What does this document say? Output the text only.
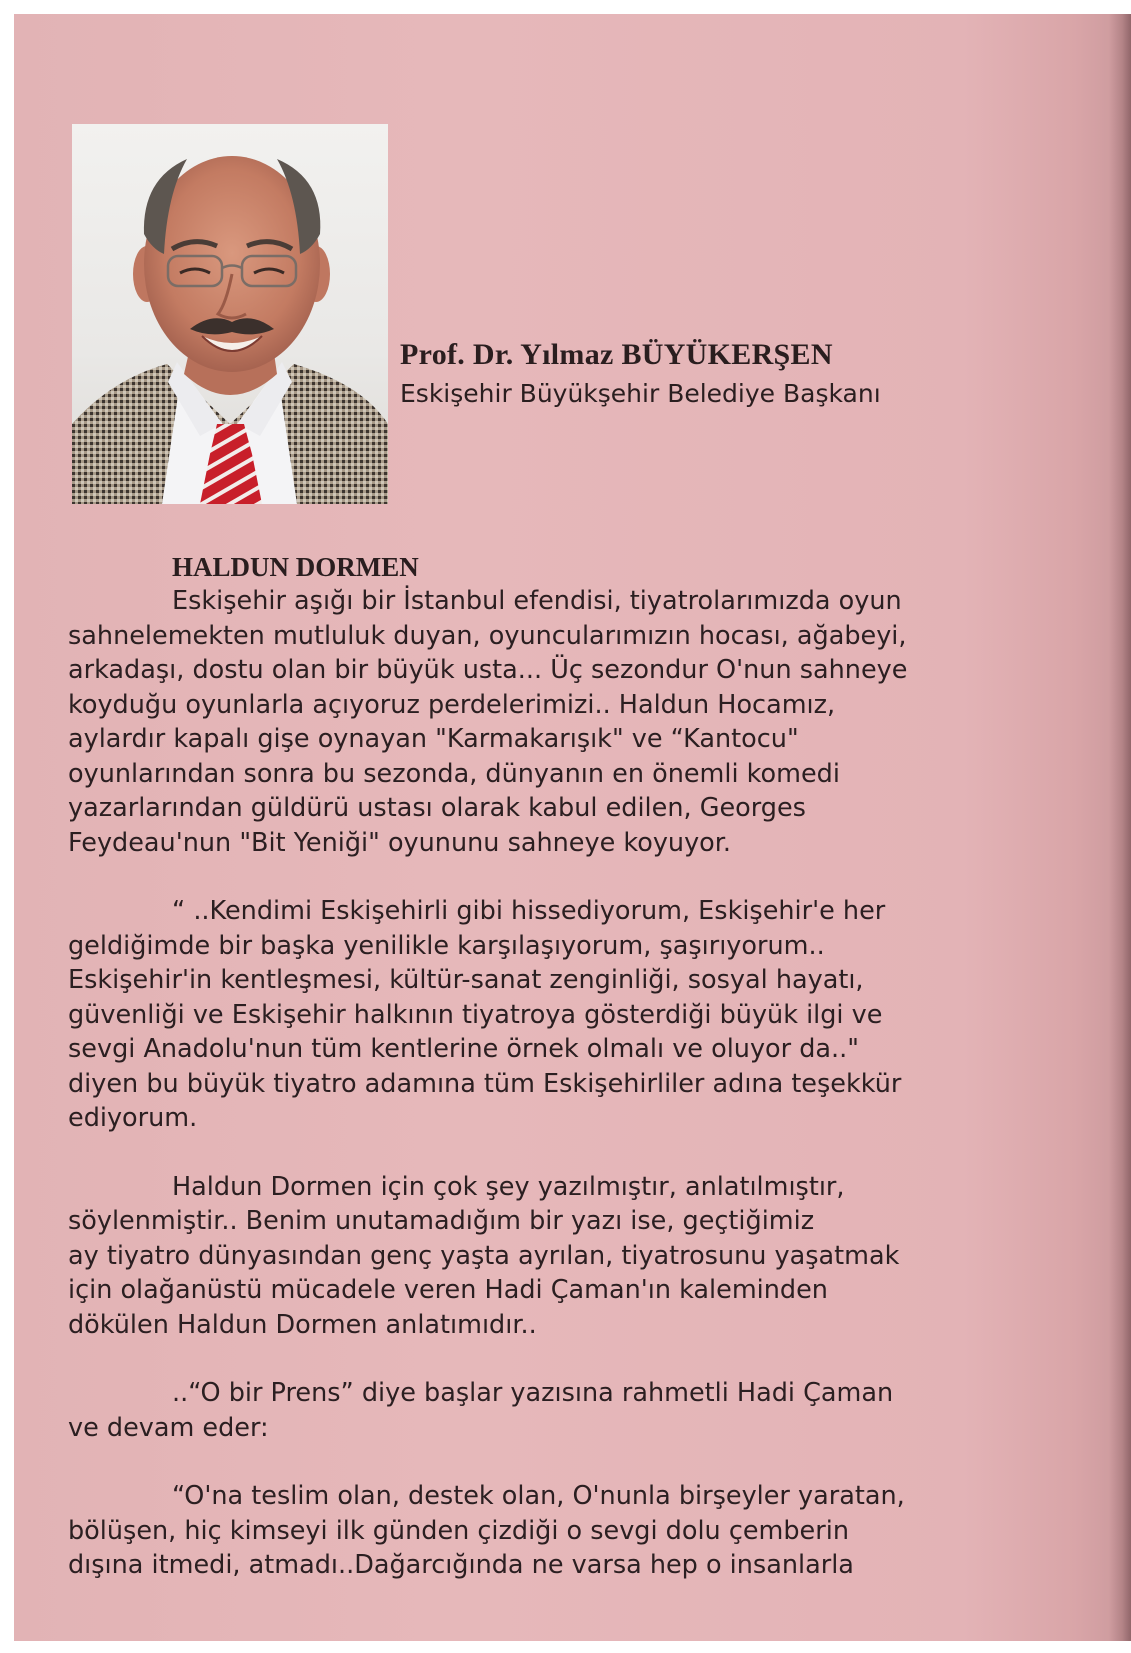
Prof. Dr. Yılmaz BÜYÜKERŞEN
Eskişehir Büyükşehir Belediye Başkanı
HALDUN DORMEN
Eskişehir aşığı bir İstanbul efendisi, tiyatrolarımızda oyun
sahnelemekten mutluluk duyan, oyuncularımızın hocası, ağabeyi,
arkadaşı, dostu olan bir büyük usta... Üç sezondur O'nun sahneye
koyduğu oyunlarla açıyoruz perdelerimizi.. Haldun Hocamız,
aylardır kapalı gişe oynayan "Karmakarışık" ve “Kantocu"
oyunlarından sonra bu sezonda, dünyanın en önemli komedi
yazarlarından güldürü ustası olarak kabul edilen, Georges
Feydeau'nun "Bit Yeniği" oyununu sahneye koyuyor.
“ ..Kendimi Eskişehirli gibi hissediyorum, Eskişehir'e her
geldiğimde bir başka yenilikle karşılaşıyorum, şaşırıyorum..
Eskişehir'in kentleşmesi, kültür-sanat zenginliği, sosyal hayatı,
güvenliği ve Eskişehir halkının tiyatroya gösterdiği büyük ilgi ve
sevgi Anadolu'nun tüm kentlerine örnek olmalı ve oluyor da.."
diyen bu büyük tiyatro adamına tüm Eskişehirliler adına teşekkür
ediyorum.
Haldun Dormen için çok şey yazılmıştır, anlatılmıştır,
söylenmiştir.. Benim unutamadığım bir yazı ise, geçtiğimiz
ay tiyatro dünyasından genç yaşta ayrılan, tiyatrosunu yaşatmak
için olağanüstü mücadele veren Hadi Çaman'ın kaleminden
dökülen Haldun Dormen anlatımıdır..
..“O bir Prens” diye başlar yazısına rahmetli Hadi Çaman
ve devam eder:
“O'na teslim olan, destek olan, O'nunla birşeyler yaratan,
bölüşen, hiç kimseyi ilk günden çizdiği o sevgi dolu çemberin
dışına itmedi, atmadı..Dağarcığında ne varsa hep o insanlarla
